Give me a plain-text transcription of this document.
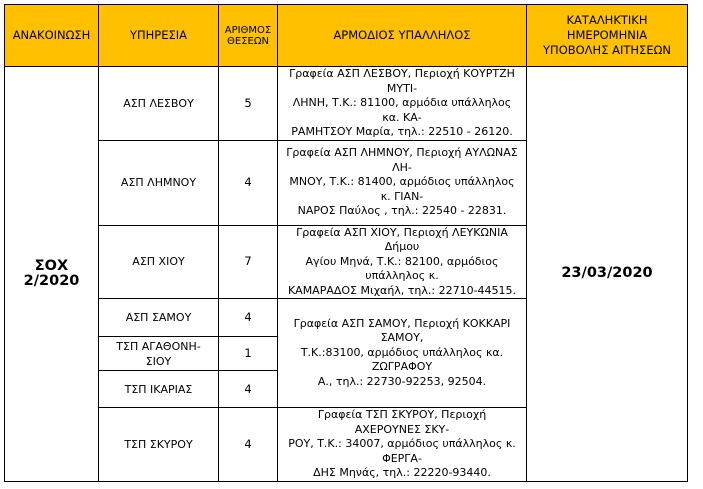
ΑΝΑΚΟΙΝΩΣΗ	ΥΠΗΡΕΣΙΑ	ΑΡΙΘΜΟΣ
ΘΕΣΕΩΝ	ΑΡΜΟΔΙΟΣ ΥΠΑΛΛΗΛΟΣ	ΚΑΤΑΛΗΚΤΙΚΗ ΗΜΕΡΟΜΗΝΙΑ
ΥΠΟΒΟΛΗΣ ΑΙΤΗΣΕΩΝ

ΣΟΧ 2/2020	ΑΣΠ ΛΕΣΒΟΥ	5	Γραφεία ΑΣΠ ΛΕΣΒΟΥ, Περιοχή ΚΟΥΡΤΖΗ ΜΥΤΙ-
ΛΗΝΗ, Τ.Κ.: 81100, αρμόδια υπάλληλος κα. ΚΑ-
ΡΑΜΗΤΣΟΥ Μαρία, τηλ.: 22510 - 26120.	23/03/2020
	ΑΣΠ ΛΗΜΝΟΥ	4	Γραφεία ΑΣΠ ΛΗΜΝΟΥ, Περιοχή ΑΥΛΩΝΑΣ ΛΗ-
ΜΝΟΥ, Τ.Κ.: 81400, αρμόδιος υπάλληλος κ. ΓΙΑΝ-
ΝΑΡΟΣ Παύλος , τηλ.: 22540 - 22831.	

	ΑΣΠ ΧΙΟΥ	7	Γραφεία ΑΣΠ ΧΙΟΥ, Περιοχή ΛΕΥΚΩΝΙΑ Δήμου
Αγίου Μηνά, Τ.Κ.: 82100, αρμόδιος υπάλληλος κ.
ΚΑΜΑΡΑΔΟΣ Μιχαήλ, τηλ.: 22710-44515.	

	ΑΣΠ ΣΑΜΟΥ	4	Γραφεία ΑΣΠ ΣΑΜΟΥ, Περιοχή ΚΟΚΚΑΡΙ ΣΑΜΟΥ,
Τ.Κ.:83100, αρμόδιος υπάλληλος κα. ΖΩΓΡΑΦΟΥ
Α., τηλ.: 22730-92253, 92504.	

	ΤΣΠ ΑΓΑΘΟΝΗ-
ΣΙΟΥ	1		
	ΤΣΠ ΙΚΑΡΙΑΣ	4		
	ΤΣΠ ΣΚΥΡΟΥ	4	Γραφεία ΤΣΠ ΣΚΥΡΟΥ, Περιοχή ΑΧΕΡΟΥΝΕΣ ΣΚΥ-
ΡΟΥ, Τ.Κ.: 34007, αρμόδιος υπάλληλος κ. ΦΕΡΓΑ-
ΔΗΣ Μηνάς, τηλ.: 22220-93440.	
